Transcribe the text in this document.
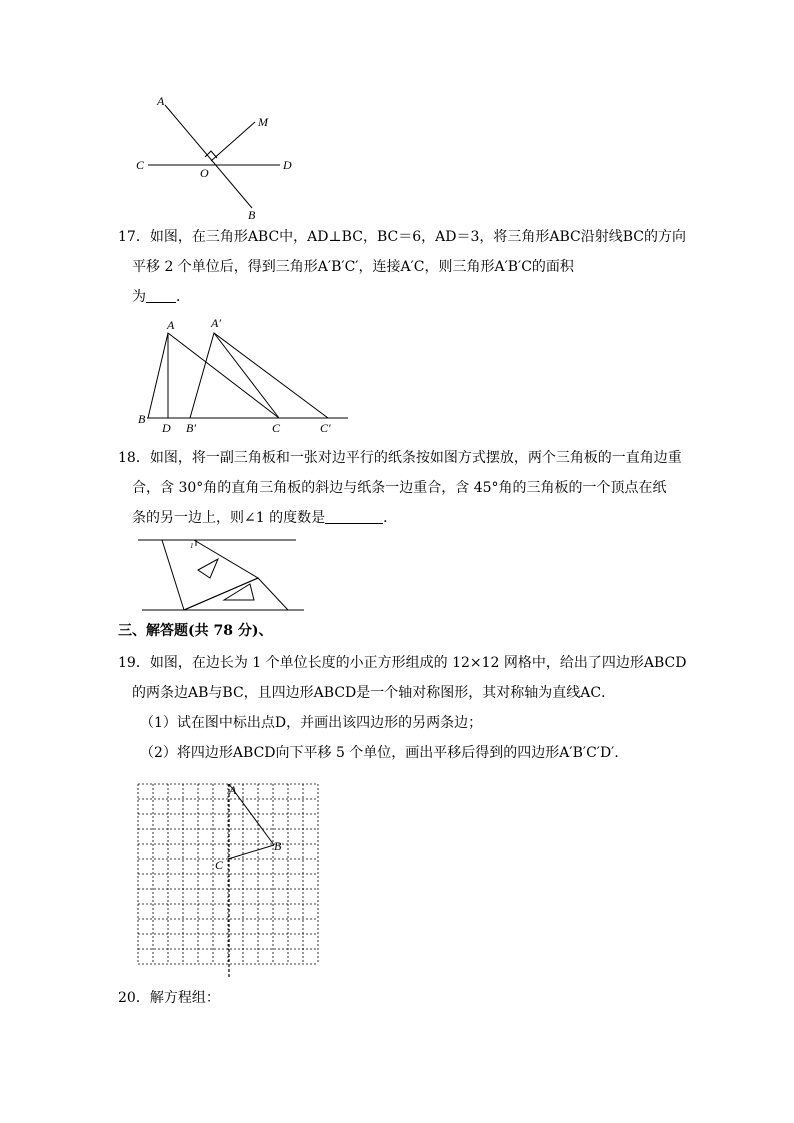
A
M
C
O
D
B
17．如图，在三角形ABC中，AD⊥BC，BC＝6，AD＝3，将三角形ABC沿射线BC的方向
平移 2 个单位后，得到三角形A′B′C′，连接A′C，则三角形A′B′C的面积
为 ．
A	A′
B
D B′	C	C′
18．如图，将一副三角板和一张对边平行的纸条按如图方式摆放，两个三角板的一直角边重
合，含 30°角的直角三角板的斜边与纸条一边重合，含 45°角的三角板的一个顶点在纸
条的另一边上，则∠1 的度数是	．
1
三、解答题(共 78 分)、
19．如图，在边长为 1 个单位长度的小正方形组成的 12×12 网格中，给出了四边形ABCD
的两条边AB与BC，且四边形ABCD是一个轴对称图形，其对称轴为直线AC．
（1）试在图中标出点D，并画出该四边形的另两条边；
（2）将四边形ABCD向下平移 5 个单位，画出平移后得到的四边形A′B′C′D′．
A
B
C
20．解方程组：
